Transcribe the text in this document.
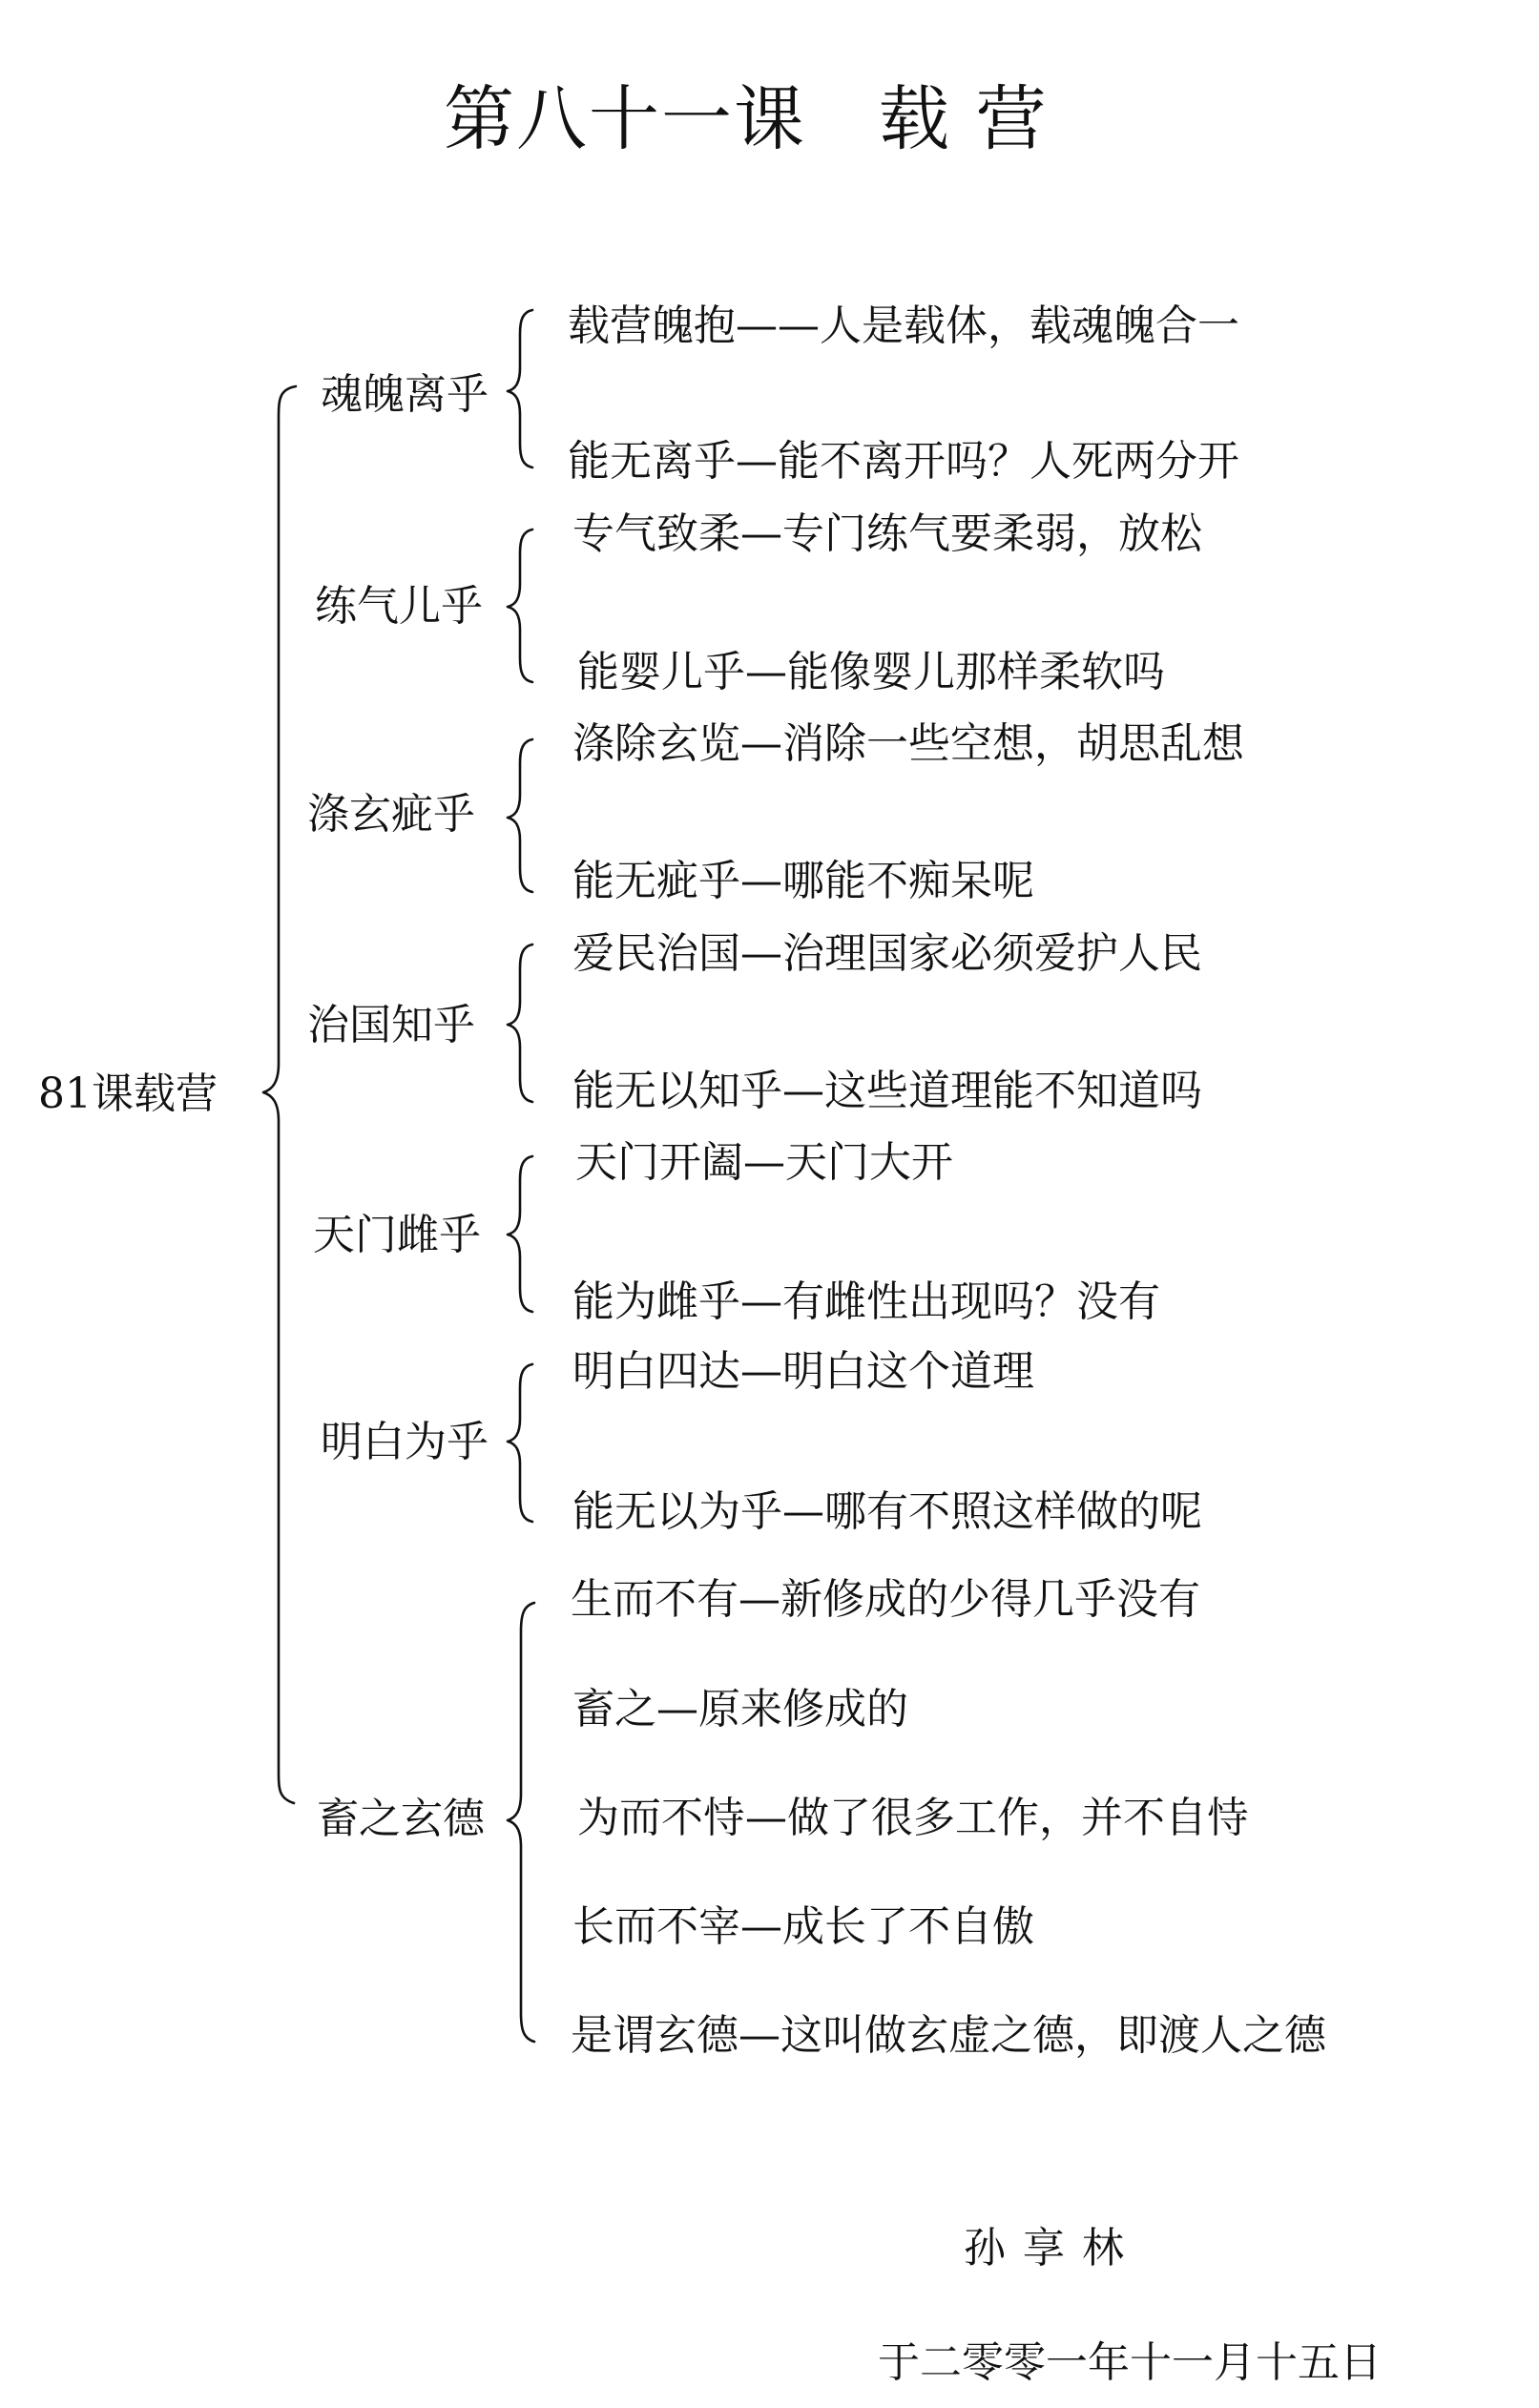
第八十一课　载 营
81课载营
魂魄离乎
载营魄抱——人是载体，载魂魄合一
能无离乎—能不离开吗？人死两分开
练气儿乎
专气致柔—专门练气要柔弱，放松
能婴儿乎—能像婴儿那样柔软吗
涤玄疵乎
涤除玄览—消除一些空想，胡思乱想
能无疵乎—哪能不痴呆呢
治国知乎
爱民治国—治理国家必须爱护人民
能无以知乎—这些道理能不知道吗
天门雌乎
天门开阖—天门大开
能为雌乎—有雌性出现吗？没有
明白为乎
明白四达—明白这个道理
能无以为乎—哪有不照这样做的呢
畜之玄德
生而不有—新修成的少得几乎没有
畜之—原来修成的
为而不恃—做了很多工作，并不自恃
长而不宰—成长了不自傲
是谓玄德—这叫做玄虚之德，即渡人之德
孙享林
于二零零一年十一月十五日
